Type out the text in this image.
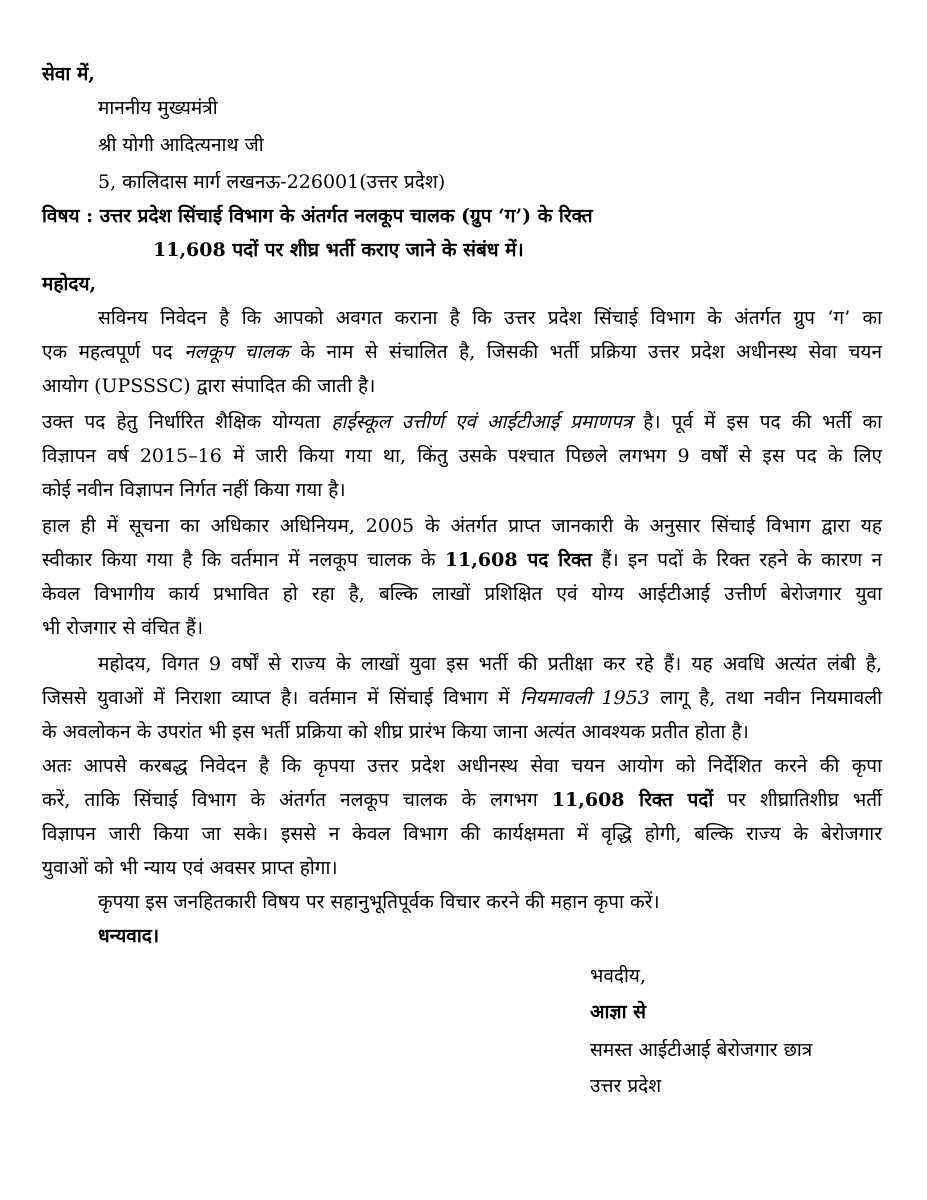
सेवा में,
माननीय मुख्यमंत्री
श्री योगी आदित्यनाथ जी
5, कालिदास मार्ग लखनऊ-226001(उत्तर प्रदेश)
विषय : उत्तर प्रदेश सिंचाई विभाग के अंतर्गत नलकूप चालक (ग्रुप ‘ग’) के रिक्त
11,608 पदों पर शीघ्र भर्ती कराए जाने के संबंध में।
महोदय,
सविनय निवेदन है कि आपको अवगत कराना है कि उत्तर प्रदेश सिंचाई विभाग के अंतर्गत ग्रुप ‘ग’ का
एक महत्वपूर्ण पद नलकूप चालक के नाम से संचालित है, जिसकी भर्ती प्रक्रिया उत्तर प्रदेश अधीनस्थ सेवा चयन
आयोग (UPSSSC) द्वारा संपादित की जाती है।
उक्त पद हेतु निर्धारित शैक्षिक योग्यता हाईस्कूल उत्तीर्ण एवं आईटीआई प्रमाणपत्र है। पूर्व में इस पद की भर्ती का
विज्ञापन वर्ष 2015–16 में जारी किया गया था, किंतु उसके पश्चात पिछले लगभग 9 वर्षों से इस पद के लिए
कोई नवीन विज्ञापन निर्गत नहीं किया गया है।
हाल ही में सूचना का अधिकार अधिनियम, 2005 के अंतर्गत प्राप्त जानकारी के अनुसार सिंचाई विभाग द्वारा यह
स्वीकार किया गया है कि वर्तमान में नलकूप चालक के 11,608 पद रिक्त हैं। इन पदों के रिक्त रहने के कारण न
केवल विभागीय कार्य प्रभावित हो रहा है, बल्कि लाखों प्रशिक्षित एवं योग्य आईटीआई उत्तीर्ण बेरोजगार युवा
भी रोजगार से वंचित हैं।
महोदय, विगत 9 वर्षों से राज्य के लाखों युवा इस भर्ती की प्रतीक्षा कर रहे हैं। यह अवधि अत्यंत लंबी है,
जिससे युवाओं में निराशा व्याप्त है। वर्तमान में सिंचाई विभाग में नियमावली 1953 लागू है, तथा नवीन नियमावली
के अवलोकन के उपरांत भी इस भर्ती प्रक्रिया को शीघ्र प्रारंभ किया जाना अत्यंत आवश्यक प्रतीत होता है।
अतः आपसे करबद्ध निवेदन है कि कृपया उत्तर प्रदेश अधीनस्थ सेवा चयन आयोग को निर्देशित करने की कृपा
करें, ताकि सिंचाई विभाग के अंतर्गत नलकूप चालक के लगभग 11,608 रिक्त पदों पर शीघ्रातिशीघ्र भर्ती
विज्ञापन जारी किया जा सके। इससे न केवल विभाग की कार्यक्षमता में वृद्धि होगी, बल्कि राज्य के बेरोजगार
युवाओं को भी न्याय एवं अवसर प्राप्त होगा।
कृपया इस जनहितकारी विषय पर सहानुभूतिपूर्वक विचार करने की महान कृपा करें।
धन्यवाद।
भवदीय,
आज्ञा से
समस्त आईटीआई बेरोजगार छात्र
उत्तर प्रदेश
